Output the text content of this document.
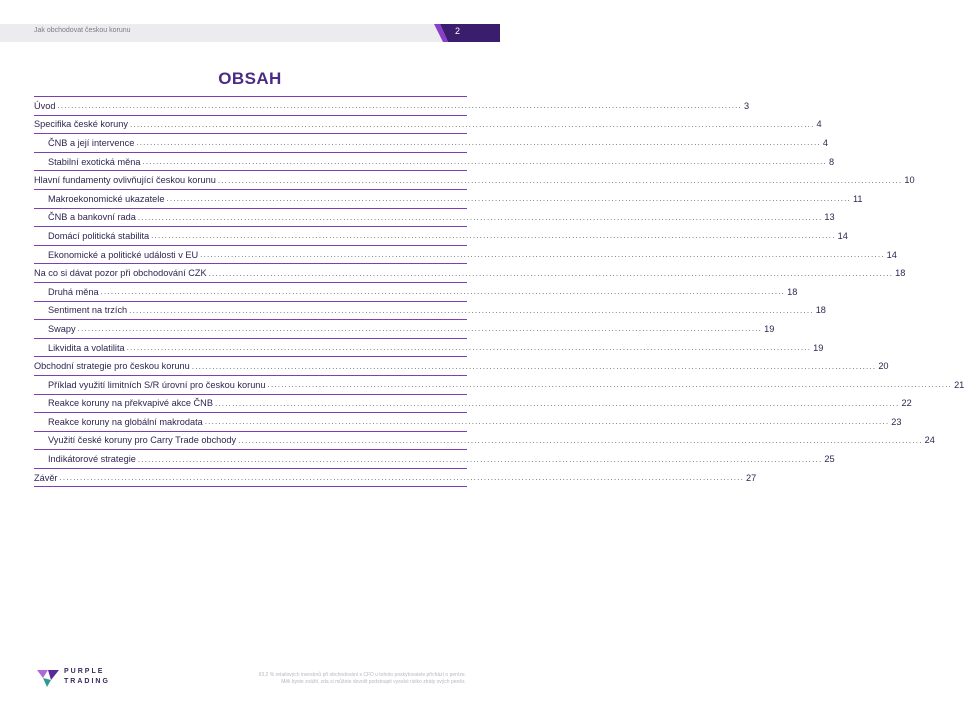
Jak obchodovat českou korunu	2
OBSAH
Úvod ........................................................................................................................................................................................................ 3
Specifika české koruny ........................................................................................................................................................................................................ 4
ČNB a její intervence ........................................................................................................................................................................................................ 4
Stabilní exotická měna ........................................................................................................................................................................................................ 8
Hlavní fundamenty ovlivňující českou korunu ........................................................................................................................................................................................................ 10
Makroekonomické ukazatele ........................................................................................................................................................................................................ 11
ČNB a bankovní rada ........................................................................................................................................................................................................ 13
Domácí politická stabilita ........................................................................................................................................................................................................ 14
Ekonomické a politické události v EU ........................................................................................................................................................................................................ 14
Na co si dávat pozor při obchodování CZK ........................................................................................................................................................................................................ 18
Druhá měna ........................................................................................................................................................................................................ 18
Sentiment na trzích ........................................................................................................................................................................................................ 18
Swapy ........................................................................................................................................................................................................ 19
Likvidita a volatilita ........................................................................................................................................................................................................ 19
Obchodní strategie pro českou korunu ........................................................................................................................................................................................................ 20
Příklad využití limitních S/R úrovní pro českou korunu ........................................................................................................................................................................................................ 21
Reakce koruny na překvapivé akce ČNB ........................................................................................................................................................................................................ 22
Reakce koruny na globální makrodata ........................................................................................................................................................................................................ 23
Využití české koruny pro Carry Trade obchody ........................................................................................................................................................................................................ 24
Indikátorové strategie ........................................................................................................................................................................................................ 25
Závěr ........................................................................................................................................................................................................ 27
PURPLE
TRADING
63,2 % retailových investorů při obchodování s CFD u tohoto poskytovatele přichází o peníze.
Měli byste zvážit, zda si můžete dovolit podstoupit vysoké riziko ztráty svých peněz.
